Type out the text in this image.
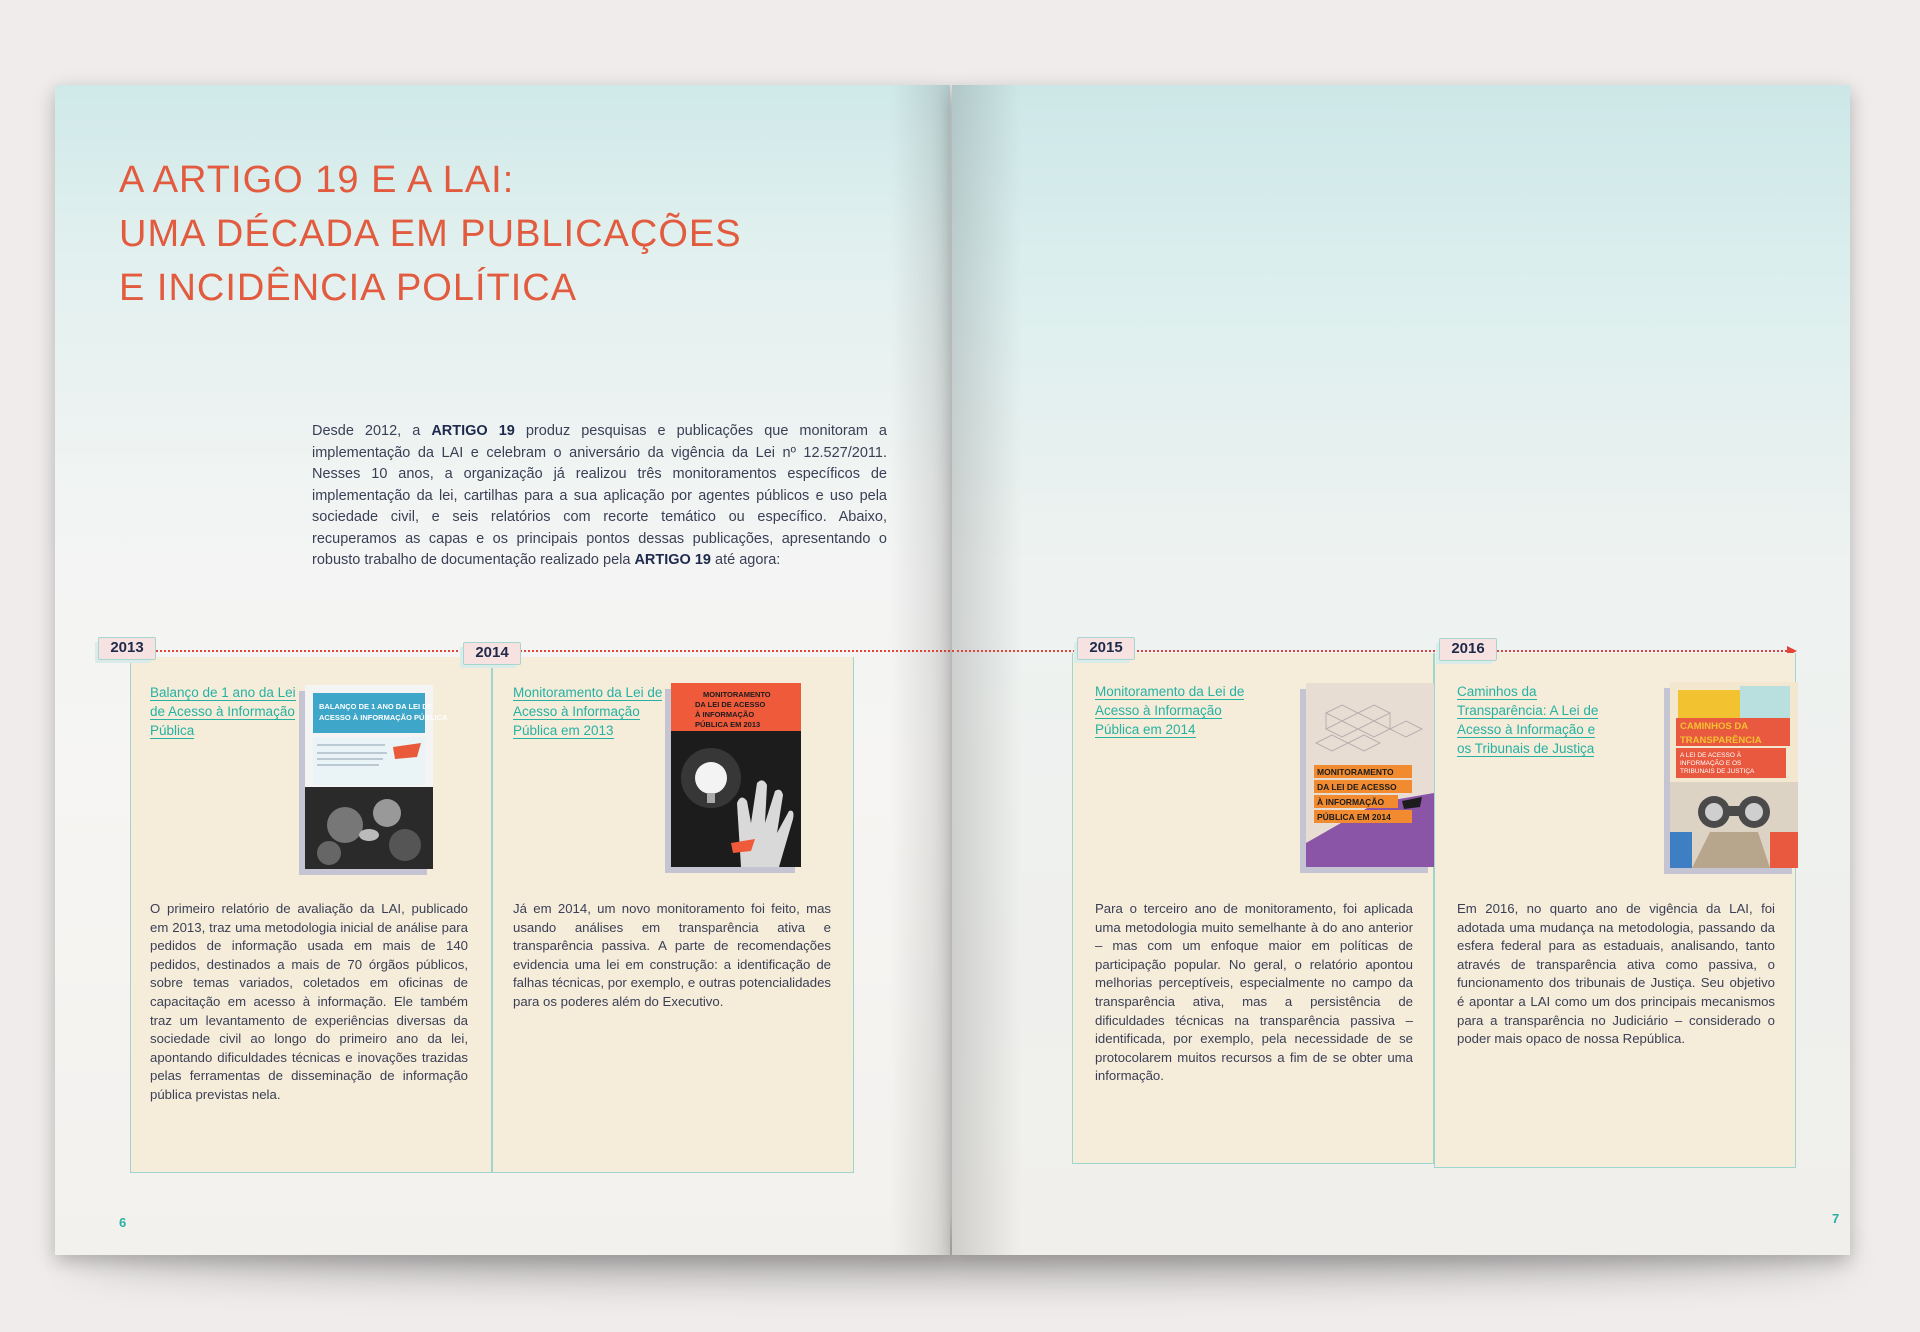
A ARTIGO 19 E A LAI:
UMA DÉCADA EM PUBLICAÇÕES
E INCIDÊNCIA POLÍTICA

Desde 2012, a ARTIGO 19 produz pesquisas e publicações que monitoram a implementação da LAI e celebram o aniversário da vigência da Lei nº 12.527/2011. Nesses 10 anos, a organização já realizou três monitoramentos específicos de implementação da lei, cartilhas para a sua aplicação por agentes públicos e uso pela sociedade civil, e seis relatórios com recorte temático ou específico. Abaixo, recuperamos as capas e os principais pontos dessas publicações, apresentando o robusto trabalho de documentação realizado pela ARTIGO 19 até agora:

2013

Balanço de 1 ano da Lei de Acesso à Informação Pública

BALANÇO DE 1 ANO DA LEI DE
ACESSO À INFORMAÇÃO PÚBLICA

O primeiro relatório de avaliação da LAI, publicado em 2013, traz uma metodologia inicial de análise para pedidos de informação usada em mais de 140 pedidos, destinados a mais de 70 órgãos públicos, sobre temas variados, coletados em oficinas de capacitação em acesso à informação. Ele também traz um levantamento de experiências diversas da sociedade civil ao longo do primeiro ano da lei, apontando dificuldades técnicas e inovações trazidas pelas ferramentas de disseminação de informação pública previstas nela.

2014

Monitoramento da Lei de Acesso à Informação Pública em 2013

MONITORAMENTO
DA LEI DE ACESSO
À INFORMAÇÃO
PÚBLICA EM 2013

Já em 2014, um novo monitoramento foi feito, mas usando análises em transparência ativa e transparência passiva. A parte de recomendações evidencia uma lei em construção: a identificação de falhas técnicas, por exemplo, e outras potencialidades para os poderes além do Executivo.

6
2015

Monitoramento da Lei de Acesso à Informação Pública em 2014

MONITORAMENTO
DA LEI DE ACESSO
À INFORMAÇÃO
PÚBLICA EM 2014

Para o terceiro ano de monitoramento, foi aplicada uma metodologia muito semelhante à do ano anterior – mas com um enfoque maior em políticas de participação popular. No geral, o relatório apontou melhorias perceptíveis, especialmente no campo da transparência ativa, mas a persistência de dificuldades técnicas na transparência passiva – identificada, por exemplo, pela necessidade de se protocolarem muitos recursos a fim de se obter uma informação.

2016

Caminhos da Transparência: A Lei de Acesso à Informação e os Tribunais de Justiça

CAMINHOS DA
TRANSPARÊNCIA
A LEI DE ACESSO À
INFORMAÇÃO E OS
TRIBUNAIS DE JUSTIÇA

Em 2016, no quarto ano de vigência da LAI, foi adotada uma mudança na metodologia, passando da esfera federal para as estaduais, analisando, tanto através de transparência ativa como passiva, o funcionamento dos tribunais de Justiça. Seu objetivo é apontar a LAI como um dos principais mecanismos para a transparência no Judiciário – considerado o poder mais opaco de nossa República.

7
